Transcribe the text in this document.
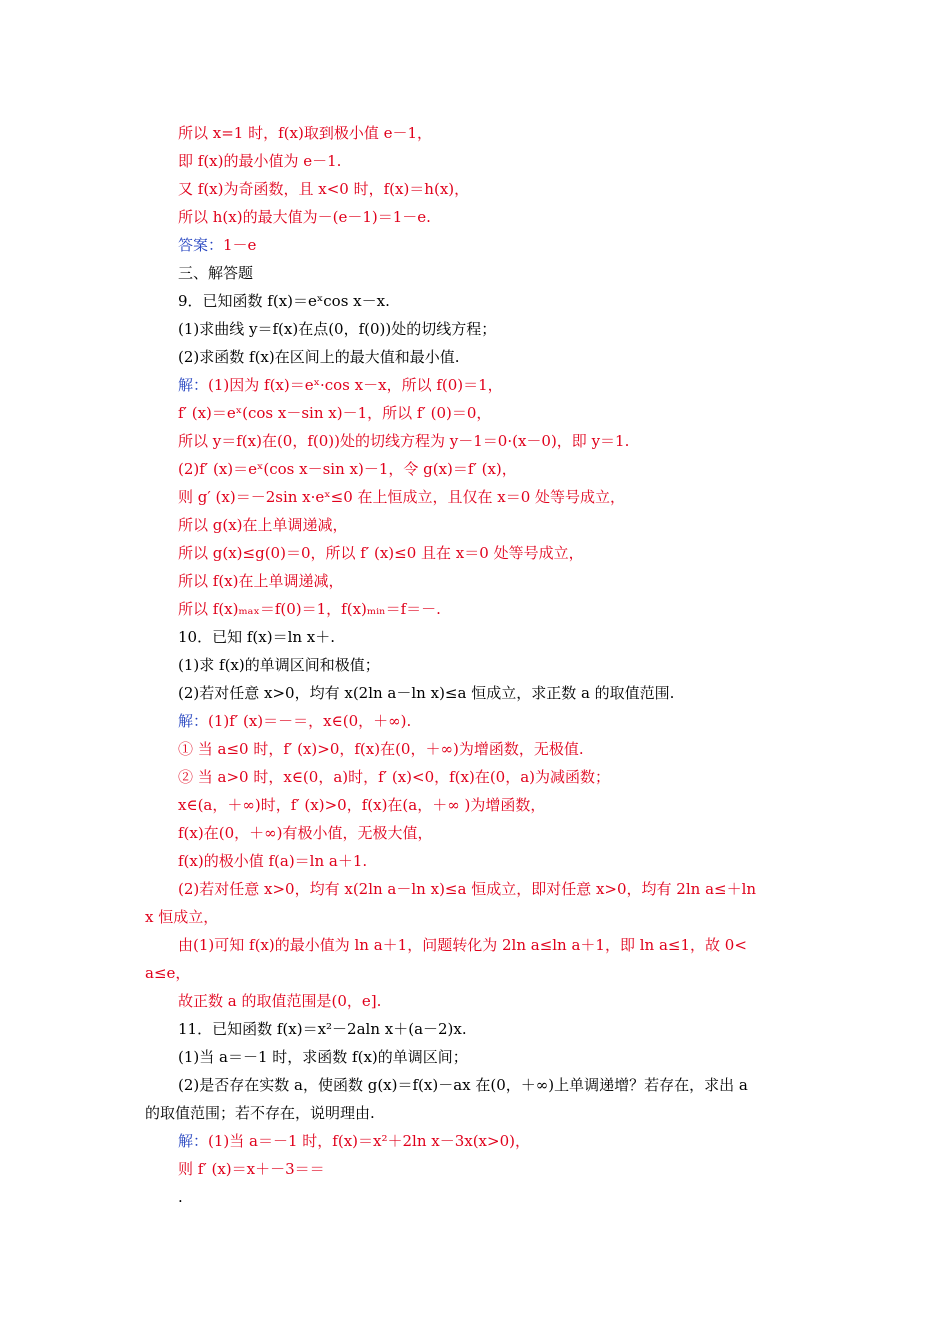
所以 x=1 时，f(x)取到极小值 e－1，
即 f(x)的最小值为 e－1.
又 f(x)为奇函数，且 x<0 时，f(x)＝h(x)，
所以 h(x)的最大值为－(e－1)＝1－e.
答案：1－e
三、解答题
9．已知函数 f(x)＝eˣcos x－x.
(1)求曲线 y＝f(x)在点(0，f(0))处的切线方程；
(2)求函数 f(x)在区间上的最大值和最小值.
解：(1)因为 f(x)＝eˣ·cos x－x，所以 f(0)＝1，
f′ (x)＝eˣ(cos x－sin x)－1，所以 f′ (0)＝0，
所以 y＝f(x)在(0，f(0))处的切线方程为 y－1＝0·(x－0)，即 y＝1.
(2)f′ (x)＝eˣ(cos x－sin x)－1，令 g(x)＝f′ (x)，
则 g′ (x)＝－2sin x·eˣ≤0 在上恒成立，且仅在 x＝0 处等号成立，
所以 g(x)在上单调递减，
所以 g(x)≤g(0)＝0，所以 f′ (x)≤0 且在 x＝0 处等号成立，
所以 f(x)在上单调递减，
所以 f(x)ₘₐₓ＝f(0)＝1，f(x)ₘᵢₙ＝f＝－.
10．已知 f(x)＝ln x＋.
(1)求 f(x)的单调区间和极值；
(2)若对任意 x>0，均有 x(2ln a－ln x)≤a 恒成立，求正数 a 的取值范围.
解：(1)f′ (x)＝－＝，x∈(0，＋∞).
① 当 a≤0 时，f′ (x)>0，f(x)在(0，＋∞)为增函数，无极值.
② 当 a>0 时，x∈(0，a)时，f′ (x)<0，f(x)在(0，a)为减函数；
x∈(a，＋∞)时，f′ (x)>0，f(x)在(a，＋∞ )为增函数，
f(x)在(0，＋∞)有极小值，无极大值，
f(x)的极小值 f(a)＝ln a＋1.
(2)若对任意 x>0，均有 x(2ln a－ln x)≤a 恒成立，即对任意 x>0，均有 2ln a≤＋ln
x 恒成立，
由(1)可知 f(x)的最小值为 ln a＋1，问题转化为 2ln a≤ln a＋1，即 ln a≤1，故 0<
a≤e，
故正数 a 的取值范围是(0，e].
11．已知函数 f(x)＝x²－2aln x＋(a－2)x.
(1)当 a＝－1 时，求函数 f(x)的单调区间；
(2)是否存在实数 a，使函数 g(x)＝f(x)－ax 在(0，＋∞)上单调递增？若存在，求出 a
的取值范围；若不存在，说明理由.
解：(1)当 a＝－1 时，f(x)＝x²＋2ln x－3x(x>0)，
则 f′ (x)＝x＋－3＝＝
.
